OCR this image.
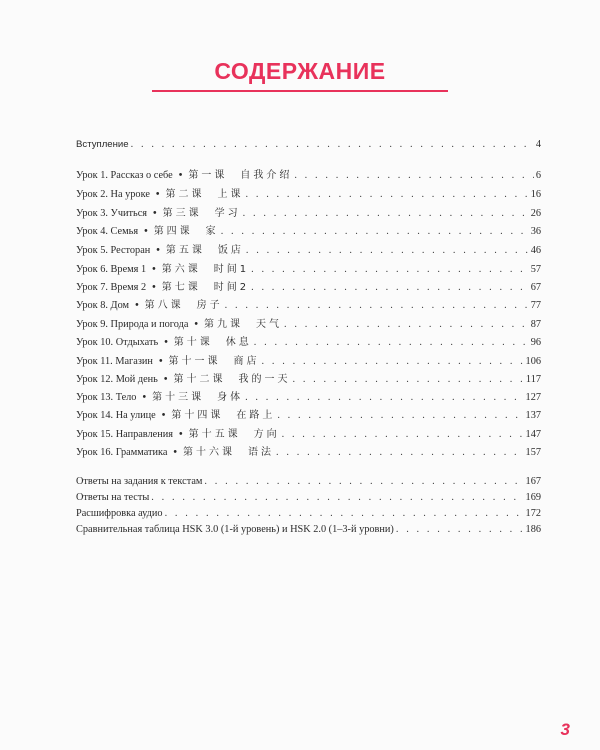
СОДЕРЖАНИЕ
Вступление . . .	4
Урок 1. Рассказ о себе • 第一课　自我介绍 . . .	6
Урок 2. На уроке • 第二课　上课 . . .	16
Урок 3. Учиться • 第三课　学习 . . .	26
Урок 4. Семья • 第四课　家 . . .	36
Урок 5. Ресторан • 第五课　饭店 . . .	46
Урок 6. Время 1 • 第六课　时间1 . . .	57
Урок 7. Время 2 • 第七课　时间2 . . .	67
Урок 8. Дом • 第八课　房子 . . .	77
Урок 9. Природа и погода • 第九课　天气 . . .	87
Урок 10. Отдыхать • 第十课　休息 . . .	96
Урок 11. Магазин • 第十一课　商店 . . .	106
Урок 12. Мой день • 第十二课　我的一天 . . .	117
Урок 13. Тело • 第十三课　身体 . . .	127
Урок 14. На улице • 第十四课　在路上 . . .	137
Урок 15. Направления • 第十五课　方向 . . .	147
Урок 16. Грамматика • 第十六课　语法 . . .	157
Ответы на задания к текстам . . .	167
Ответы на тесты . . .	169
Расшифровка аудио . . .	172
Сравнительная таблица HSK 3.0 (1-й уровень) и HSK 2.0 (1–3-й уровни) . . .	186
3
